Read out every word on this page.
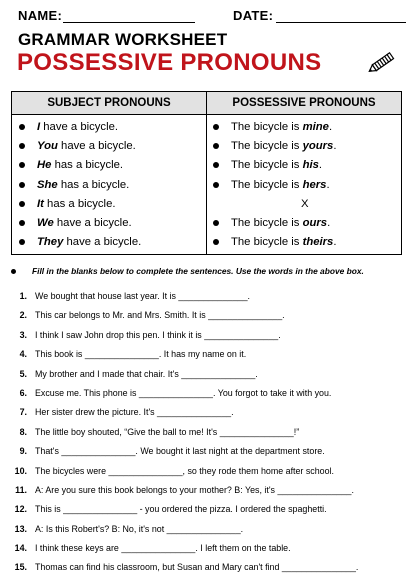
NAME:	DATE:
GRAMMAR WORKSHEET
POSSESSIVE PRONOUNS
SUBJECT PRONOUNS	POSSESSIVE PRONOUNS
I have a bicycle.
You have a bicycle.
He has a bicycle.
She has a bicycle.
It has a bicycle.
We have a bicycle.
They have a bicycle.
The bicycle is mine.
The bicycle is yours.
The bicycle is his.
The bicycle is hers.
X
The bicycle is ours.
The bicycle is theirs.
Fill in the blanks below to complete the sentences. Use the words in the above box.
1. We bought that house last year. It is ______________.
2. This car belongs to Mr. and Mrs. Smith. It is _______________.
3. I think I saw John drop this pen. I think it is _______________.
4. This book is _______________. It has my name on it.
5. My brother and I made that chair. It's _______________.
6. Excuse me. This phone is _______________. You forgot to take it with you.
7. Her sister drew the picture. It's _______________.
8. The little boy shouted, “Give the ball to me! It's _______________!”
9. That's _______________. We bought it last night at the department store.
10. The bicycles were _______________, so they rode them home after school.
11. A: Are you sure this book belongs to your mother? B: Yes, it's _______________.
12. This is _______________ - you ordered the pizza. I ordered the spaghetti.
13. A: Is this Robert's? B: No, it's not _______________.
14. I think these keys are _______________. I left them on the table.
15. Thomas can find his classroom, but Susan and Mary can't find _______________.
